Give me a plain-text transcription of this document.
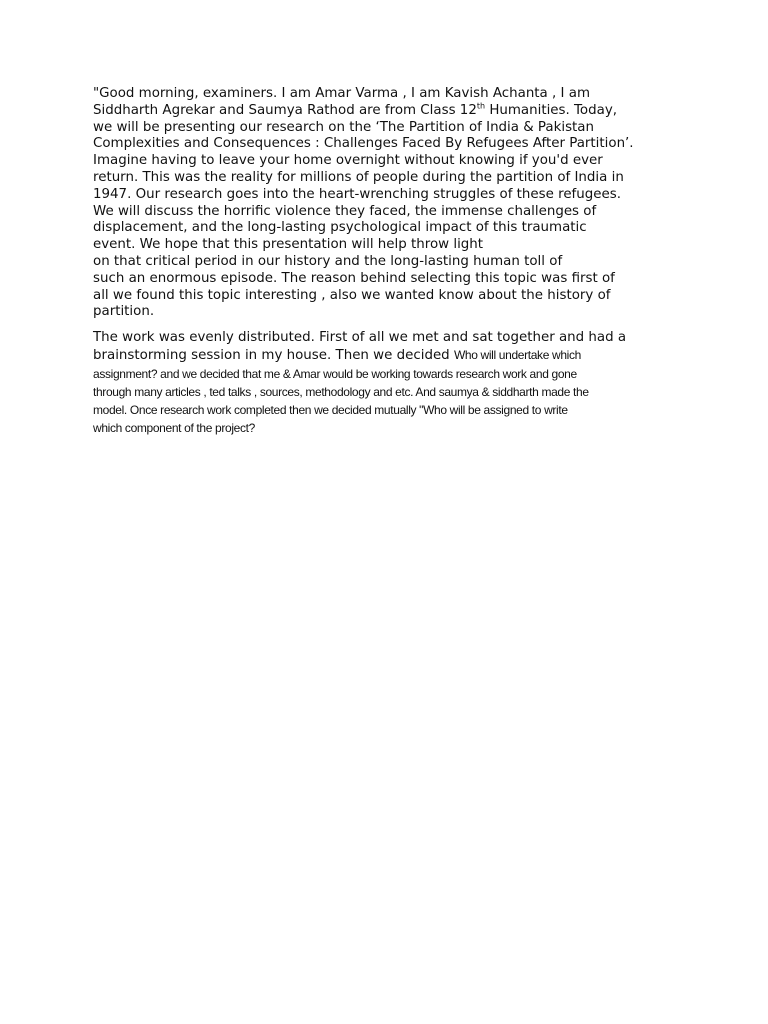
"Good morning, examiners. I am Amar Varma , I am Kavish Achanta , I am
Siddharth Agrekar and Saumya Rathod are from Class 12th Humanities. Today,
we will be presenting our research on the ‘The Partition of India & Pakistan
Complexities and Consequences : Challenges Faced By Refugees After Partition’.
Imagine having to leave your home overnight without knowing if you'd ever
return. This was the reality for millions of people during the partition of India in
1947. Our research goes into the heart-wrenching struggles of these refugees.
We will discuss the horrific violence they faced, the immense challenges of
displacement, and the long-lasting psychological impact of this traumatic
event. We hope that this presentation will help throw light
on that critical period in our history and the long-lasting human toll of
such an enormous episode. The reason behind selecting this topic was first of
all we found this topic interesting , also we wanted know about the history of
partition.

The work was evenly distributed. First of all we met and sat together and had a
brainstorming session in my house. Then we decided Who will undertake which
assignment? and we decided that me & Amar would be working towards research work and gone
through many articles , ted talks , sources, methodology and etc. And saumya & siddharth made the
model. Once research work completed then we decided mutually "Who will be assigned to write
which component of the project?
